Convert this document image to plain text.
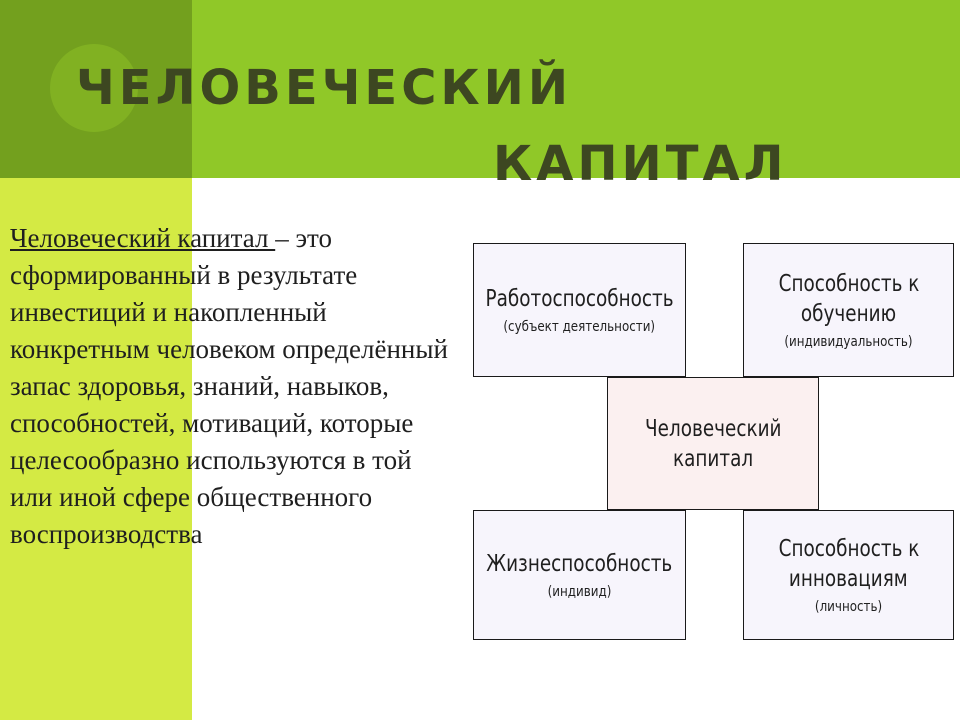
ЧЕЛОВЕЧЕСКИЙ
КАПИТАЛ

Человеческий капитал – это сформированный в результате инвестиций и накопленный конкретным человеком определённый запас здоровья, знаний, навыков, способностей, мотиваций, которые целесообразно используются в той или иной сфере общественного воспроизводства

Работоспособность
(субъект деятельности)
Способность к
обучению
(индивидуальность)
Человеческий
капитал
Жизнеспособность
(индивид)
Способность к
инновациям
(личность)
